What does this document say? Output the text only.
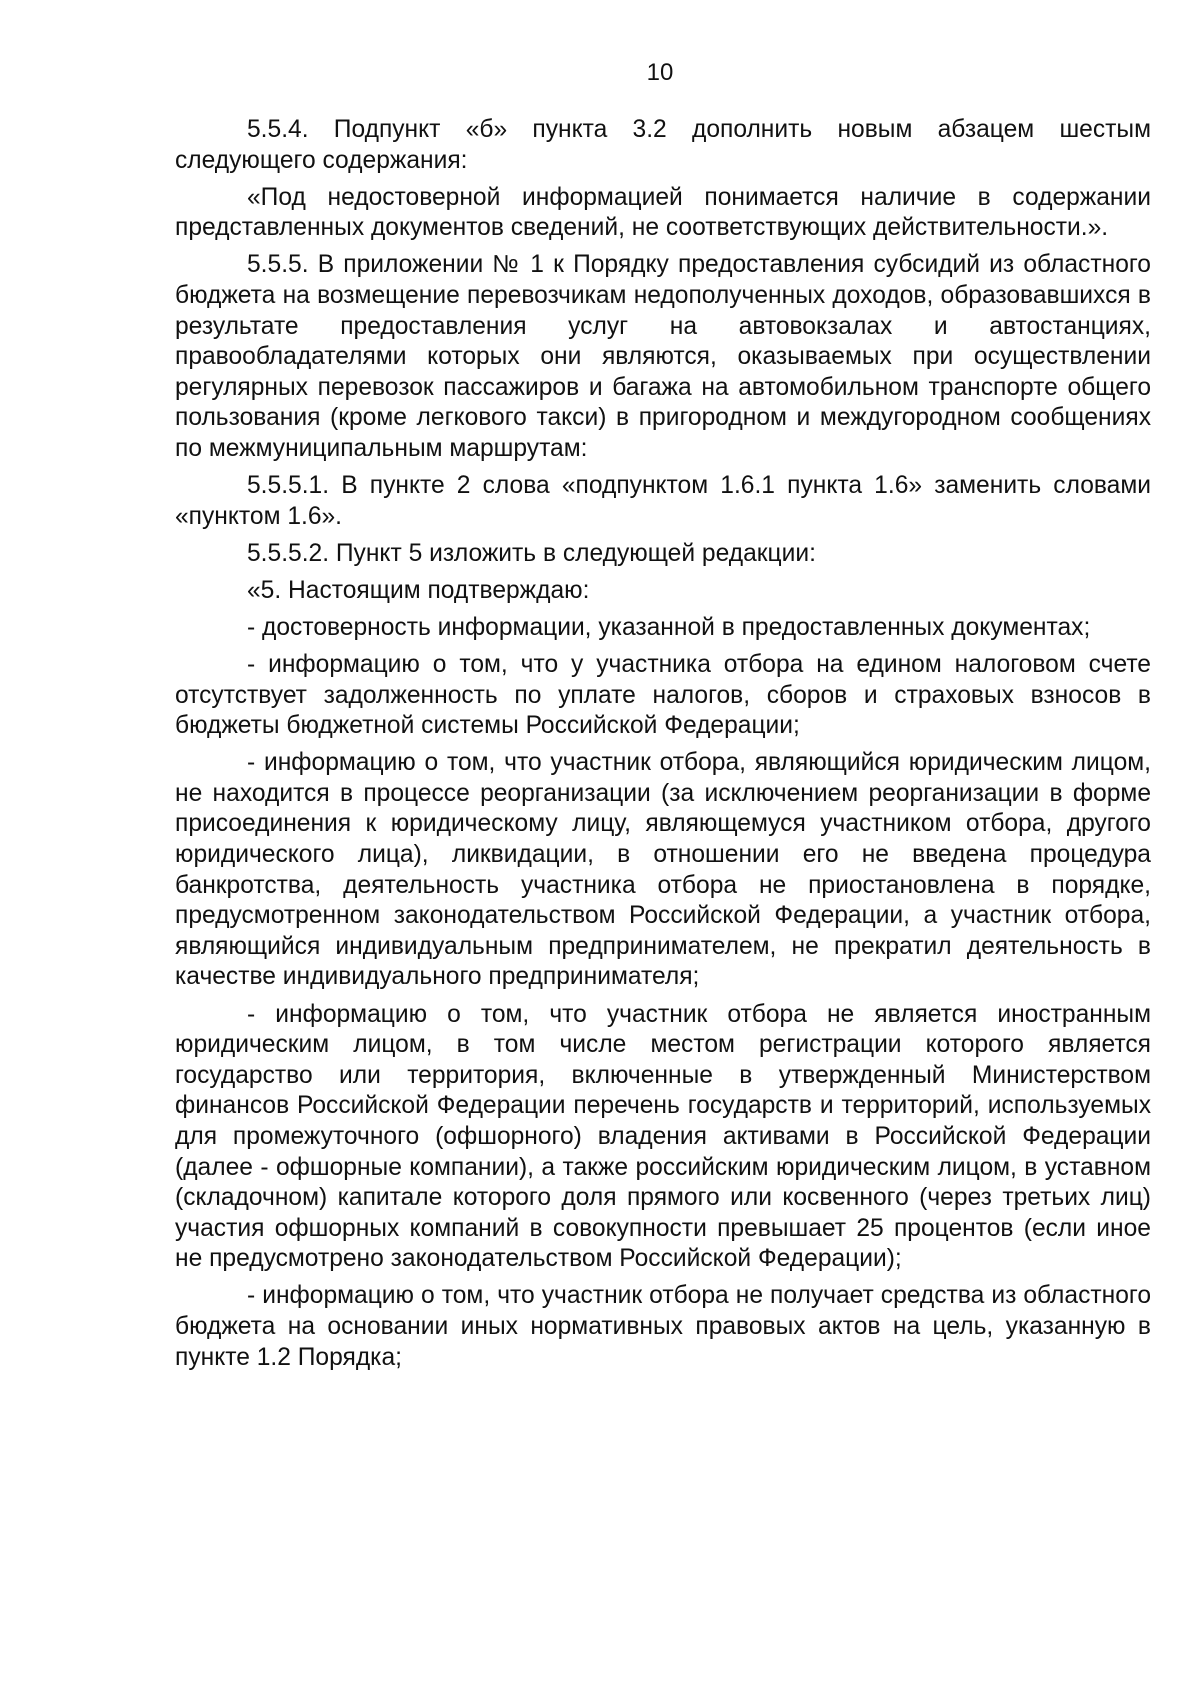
10

5.5.4. Подпункт «б» пункта 3.2 дополнить новым абзацем шестым следующего содержания:

«Под недостоверной информацией понимается наличие в содержании представленных документов сведений, не соответствующих действительности.».

5.5.5. В приложении № 1 к Порядку предоставления субсидий из областного бюджета на возмещение перевозчикам недополученных доходов, образовавшихся в результате предоставления услуг на автовокзалах и автостанциях, правообладателями которых они являются, оказываемых при осуществлении регулярных перевозок пассажиров и багажа на автомобильном транспорте общего пользования (кроме легкового такси) в пригородном и междугородном сообщениях по межмуниципальным маршрутам:

5.5.5.1. В пункте 2 слова «подпунктом 1.6.1 пункта 1.6» заменить словами «пунктом 1.6».

5.5.5.2. Пункт 5 изложить в следующей редакции:

«5. Настоящим подтверждаю:

- достоверность информации, указанной в предоставленных документах;

- информацию о том, что у участника отбора на едином налоговом счете отсутствует задолженность по уплате налогов, сборов и страховых взносов в бюджеты бюджетной системы Российской Федерации;

- информацию о том, что участник отбора, являющийся юридическим лицом, не находится в процессе реорганизации (за исключением реорганизации в форме присоединения к юридическому лицу, являющемуся участником отбора, другого юридического лица), ликвидации, в отношении его не введена процедура банкротства, деятельность участника отбора не приостановлена в порядке, предусмотренном законодательством Российской Федерации, а участник отбора, являющийся индивидуальным предпринимателем, не прекратил деятельность в качестве индивидуального предпринимателя;

- информацию о том, что участник отбора не является иностранным юридическим лицом, в том числе местом регистрации которого является государство или территория, включенные в утвержденный Министерством финансов Российской Федерации перечень государств и территорий, используемых для промежуточного (офшорного) владения активами в Российской Федерации (далее - офшорные компании), а также российским юридическим лицом, в уставном (складочном) капитале которого доля прямого или косвенного (через третьих лиц) участия офшорных компаний в совокупности превышает 25 процентов (если иное не предусмотрено законодательством Российской Федерации);

- информацию о том, что участник отбора не получает средства из областного бюджета на основании иных нормативных правовых актов на цель, указанную в пункте 1.2 Порядка;
